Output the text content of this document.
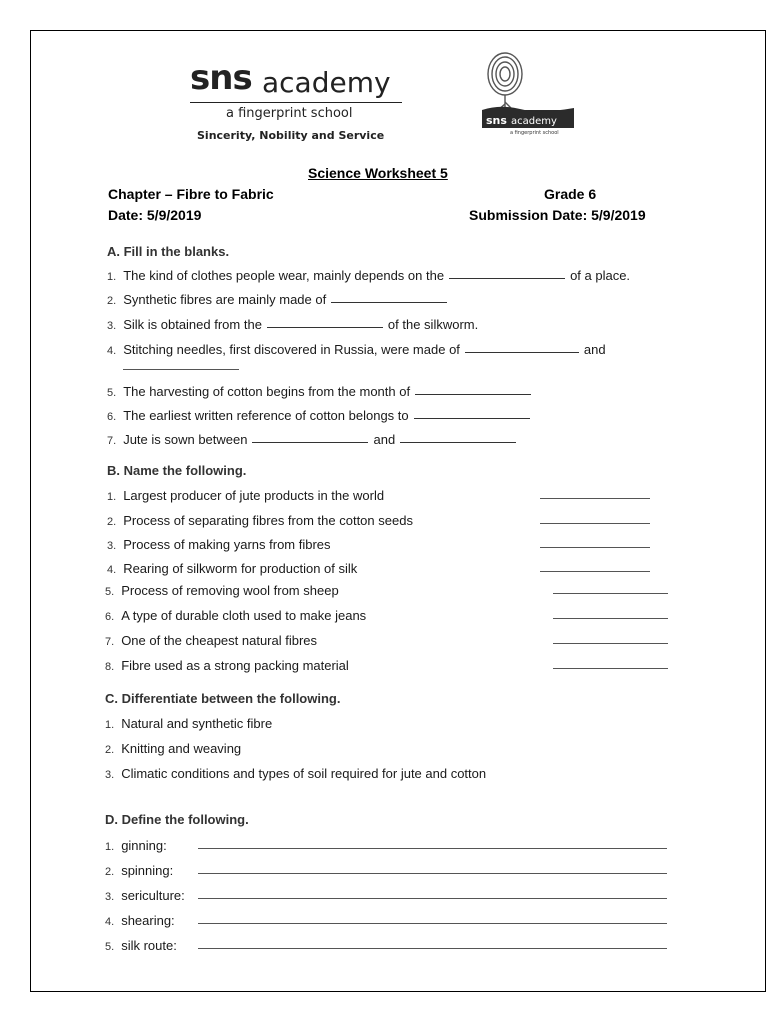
sns academy
a fingerprint school
Sincerity, Nobility and Service
sns academy
a fingerprint school
Science Worksheet 5
Chapter – Fibre to Fabric	Grade 6
Date: 5/9/2019	Submission Date: 5/9/2019
A. Fill in the blanks.
1. The kind of clothes people wear, mainly depends on the	of a place.
2. Synthetic fibres are mainly made of
3. Silk is obtained from the	of the silkworm.
4. Stitching needles, first discovered in Russia, were made of	and
5. The harvesting of cotton begins from the month of
6. The earliest written reference of cotton belongs to
7. Jute is sown between	and
B. Name the following.
1. Largest producer of jute products in the world
2. Process of separating fibres from the cotton seeds
3. Process of making yarns from fibres
4. Rearing of silkworm for production of silk
5. Process of removing wool from sheep
6. A type of durable cloth used to make jeans
7. One of the cheapest natural fibres
8. Fibre used as a strong packing material
C. Differentiate between the following.
1. Natural and synthetic fibre
2. Knitting and weaving
3. Climatic conditions and types of soil required for jute and cotton
D. Define the following.
1. ginning:
2. spinning:
3. sericulture:
4. shearing:
5. silk route:
